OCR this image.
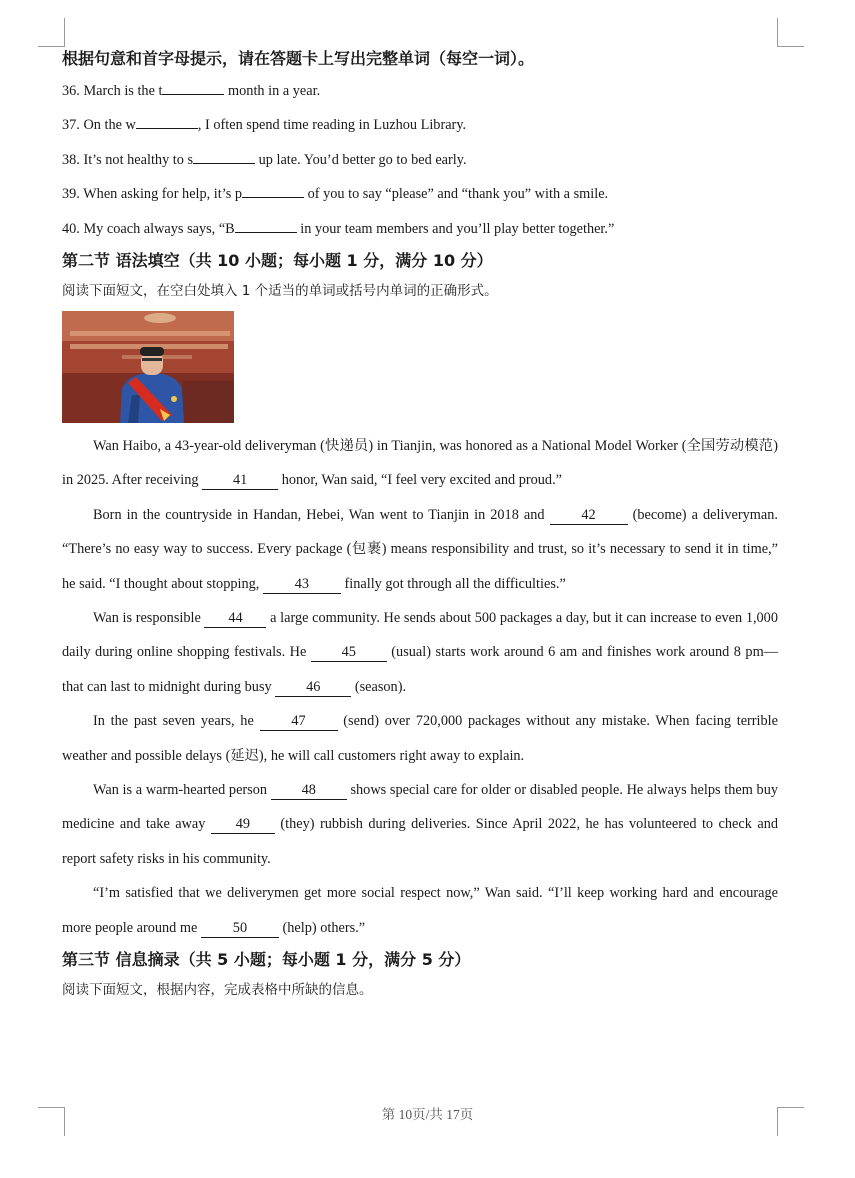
根据句意和首字母提示，请在答题卡上写出完整单词（每空一词）。
36. March is the t	month in a year.
37. On the w	, I often spend time reading in Luzhou Library.
38. It’s not healthy to s	up late. You’d better go to bed early.
39. When asking for help, it’s p	of you to say “please” and “thank you” with a smile.
40. My coach always says, “B	in your team members and you’ll play better together.”
第二节 语法填空（共 10 小题；每小题 1 分，满分 10 分）
阅读下面短文，在空白处填入 1 个适当的单词或括号内单词的正确形式。

Wan Haibo, a 43-year-old deliveryman (快递员) in Tianjin, was honored as a National Model Worker (全国劳动模范) in 2025. After receiving 41 honor, Wan said, “I feel very excited and proud.”

Born in the countryside in Handan, Hebei, Wan went to Tianjin in 2018 and 42 (become) a deliveryman. “There’s no easy way to success. Every package (包裹) means responsibility and trust, so it’s necessary to send it in time,” he said. “I thought about stopping, 43 finally got through all the difficulties.”

Wan is responsible 44 a large community. He sends about 500 packages a day, but it can increase to even 1,000 daily during online shopping festivals. He 45 (usual) starts work around 6 am and finishes work around 8 pm—that can last to midnight during busy 46 (season).

In the past seven years, he 47 (send) over 720,000 packages without any mistake. When facing terrible weather and possible delays (延迟), he will call customers right away to explain.

Wan is a warm-hearted person 48 shows special care for older or disabled people. He always helps them buy medicine and take away 49 (they) rubbish during deliveries. Since April 2022, he has volunteered to check and report safety risks in his community.

“I’m satisfied that we deliverymen get more social respect now,” Wan said. “I’ll keep working hard and encourage more people around me 50 (help) others.”

第三节 信息摘录（共 5 小题；每小题 1 分，满分 5 分）
阅读下面短文，根据内容，完成表格中所缺的信息。
第 10页/共 17页
